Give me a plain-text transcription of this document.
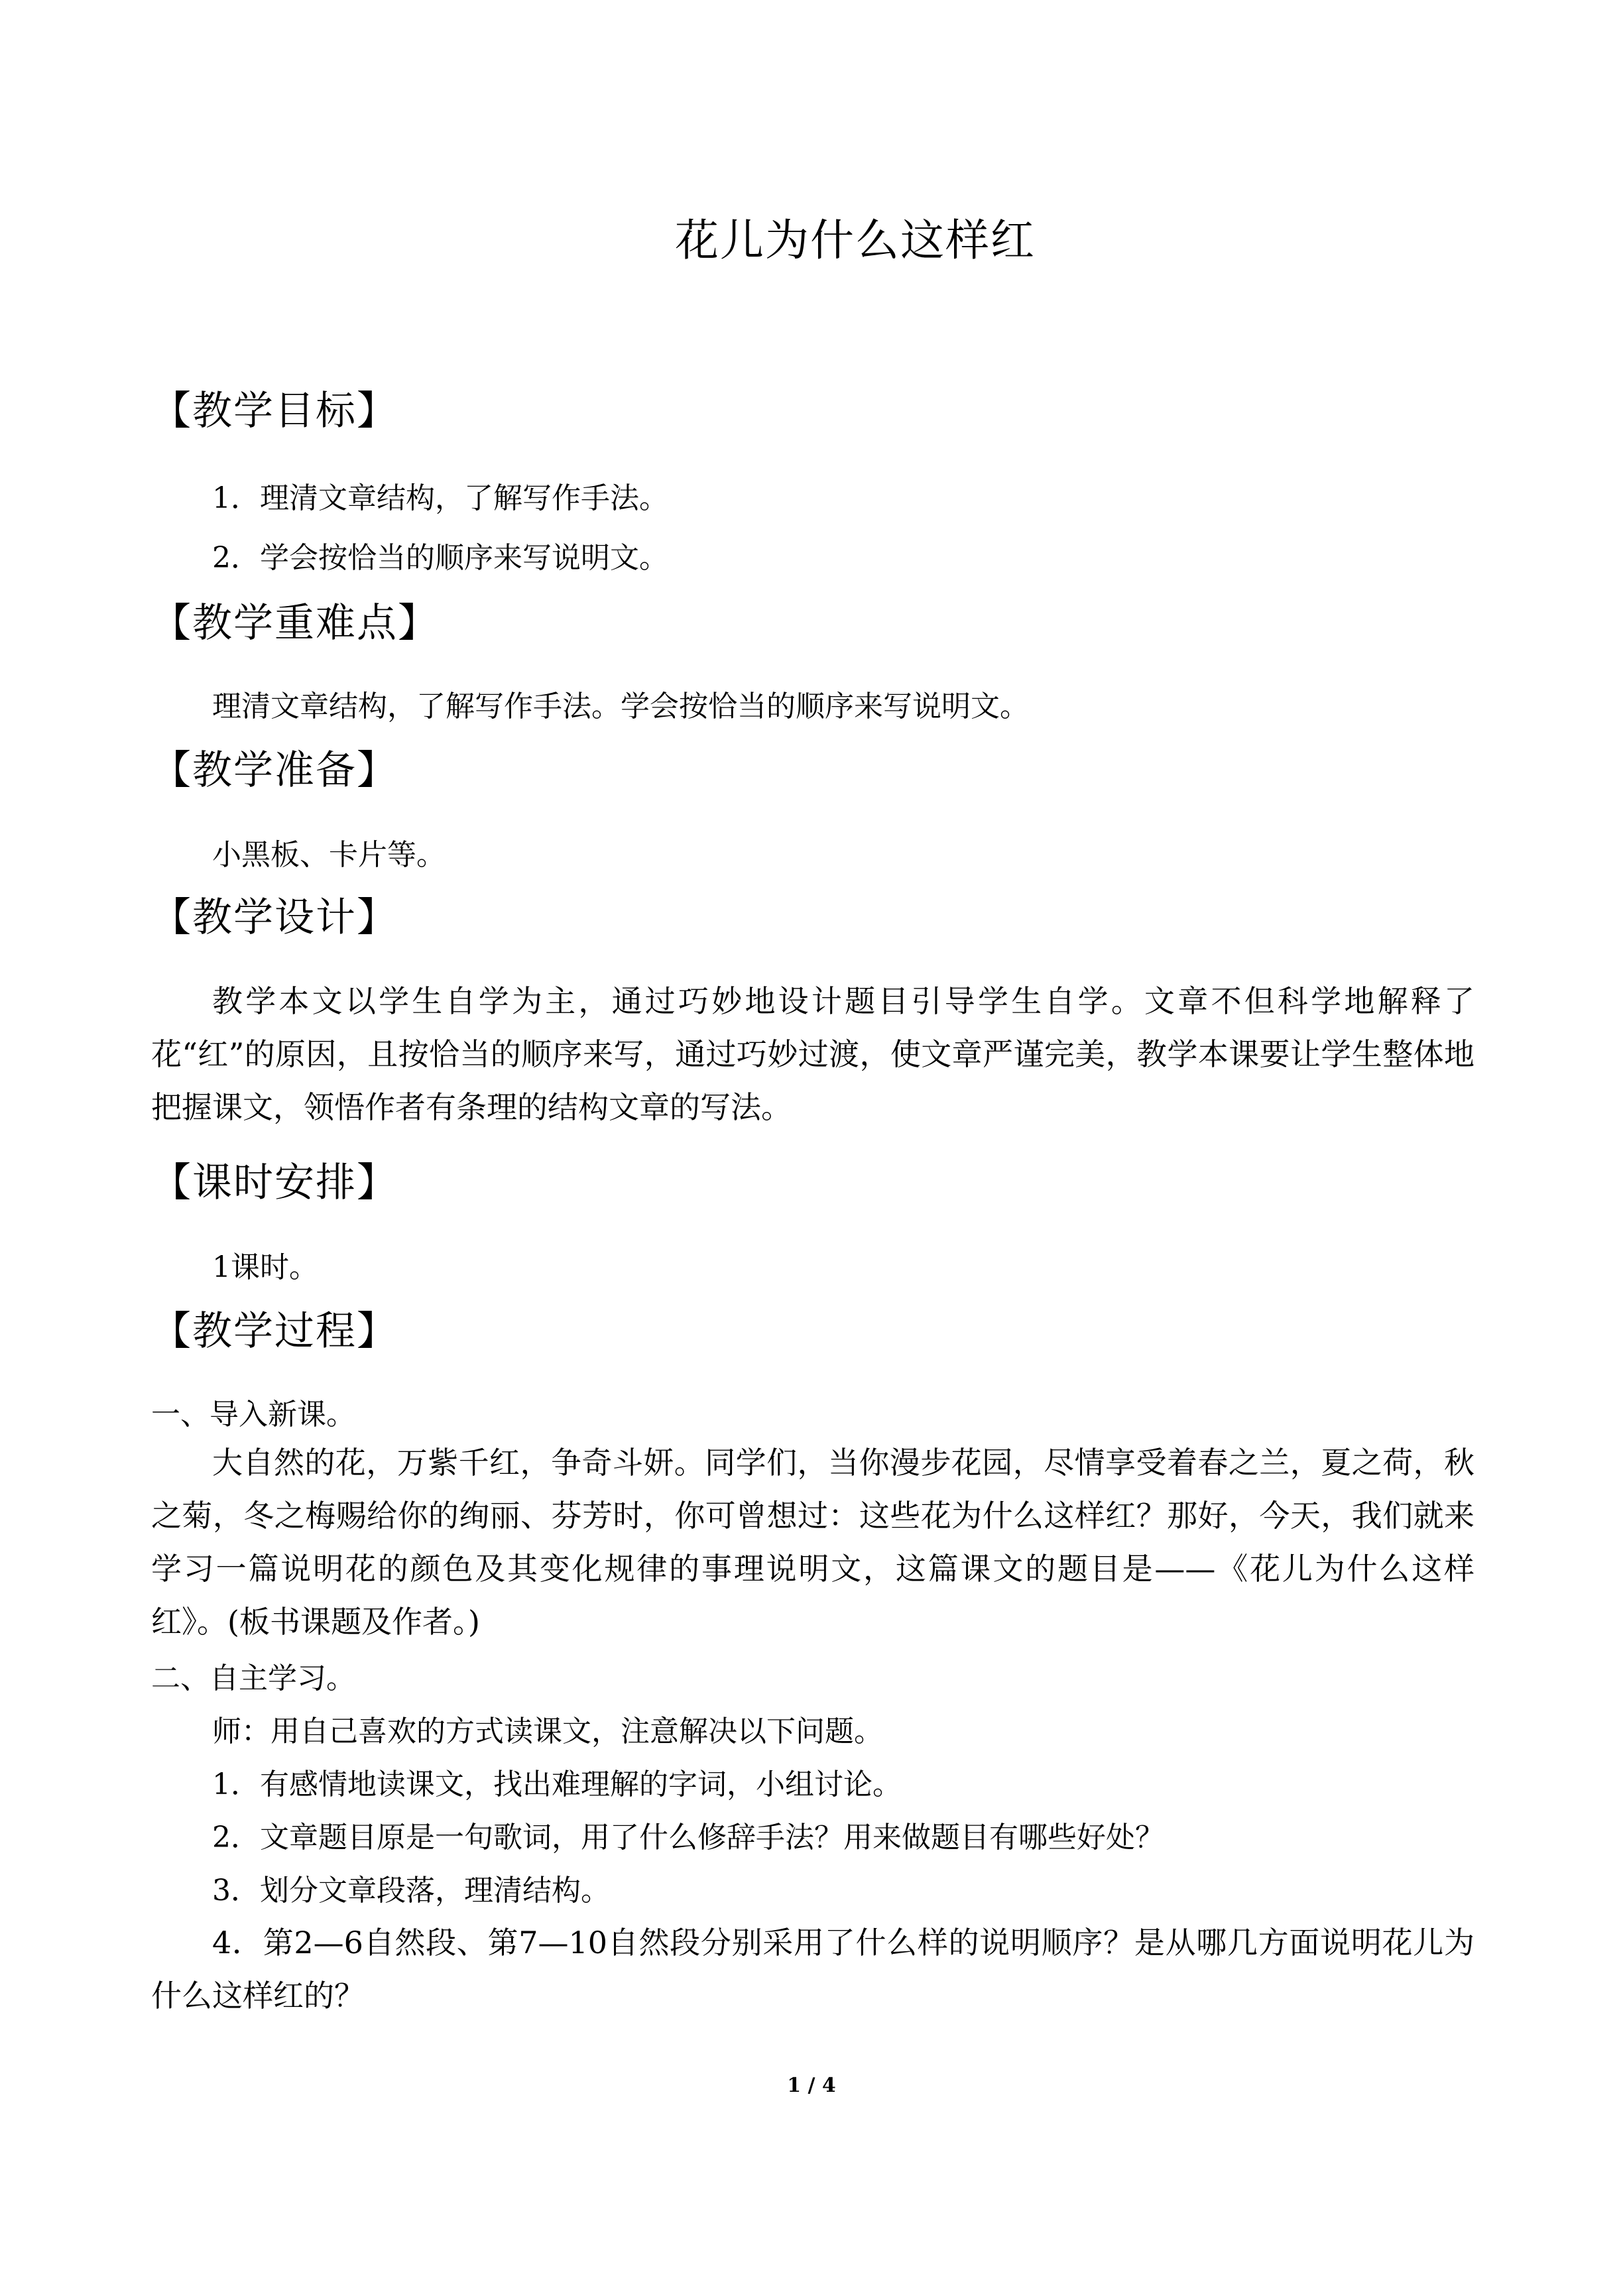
花儿为什么这样红
【教学目标】
1．理清文章结构，了解写作手法。
2．学会按恰当的顺序来写说明文。
【教学重难点】
理清文章结构，了解写作手法。学会按恰当的顺序来写说明文。
【教学准备】
小黑板、卡片等。
【教学设计】
教学本文以学生自学为主，通过巧妙地设计题目引导学生自学。文章不但科学地解释了花“红”的原因，且按恰当的顺序来写，通过巧妙过渡，使文章严谨完美，教学本课要让学生整体地把握课文，领悟作者有条理的结构文章的写法。
【课时安排】
1课时。
【教学过程】
一、导入新课。
大自然的花，万紫千红，争奇斗妍。同学们，当你漫步花园，尽情享受着春之兰，夏之荷，秋之菊，冬之梅赐给你的绚丽、芬芳时，你可曾想过：这些花为什么这样红？那好，今天，我们就来学习一篇说明花的颜色及其变化规律的事理说明文，这篇课文的题目是——《花儿为什么这样红》。(板书课题及作者。)
二、自主学习。
师：用自己喜欢的方式读课文，注意解决以下问题。
1．有感情地读课文，找出难理解的字词，小组讨论。
2．文章题目原是一句歌词，用了什么修辞手法？用来做题目有哪些好处？
3．划分文章段落，理清结构。
4．第2—6自然段、第7—10自然段分别采用了什么样的说明顺序？是从哪几方面说明花儿为什么这样红的？
1 / 4
